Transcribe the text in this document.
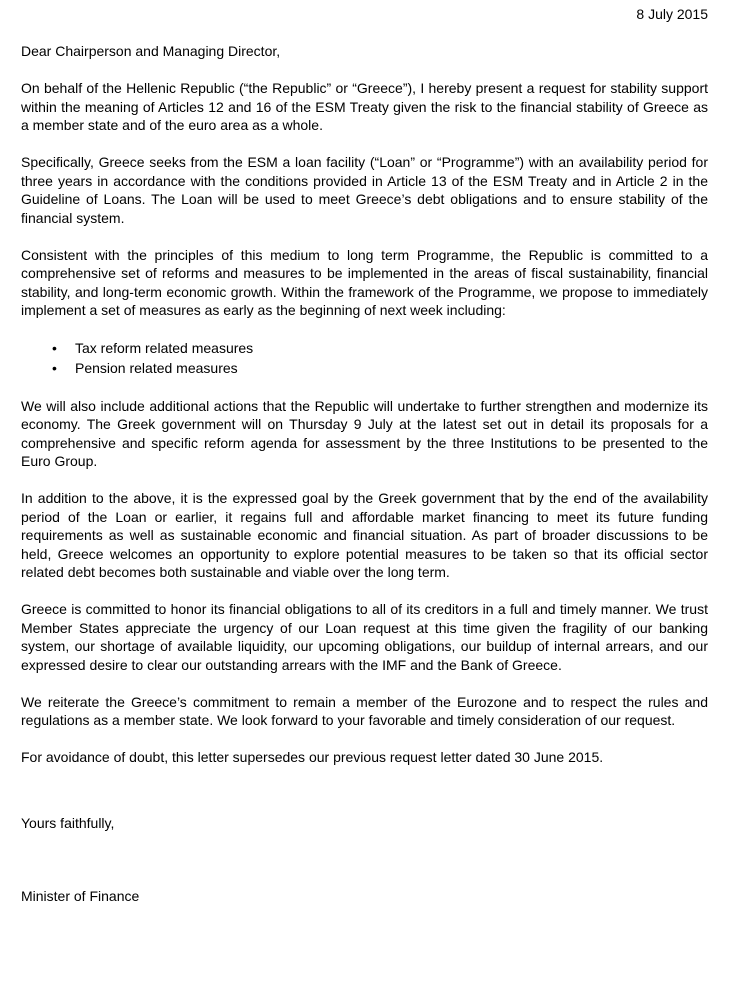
8 July 2015

Dear Chairperson and Managing Director,

On behalf of the Hellenic Republic (“the Republic” or “Greece”), I hereby present a request for stability support within the meaning of Articles 12 and 16 of the ESM Treaty given the risk to the financial stability of Greece as a member state and of the euro area as a whole.

Specifically, Greece seeks from the ESM a loan facility (“Loan” or “Programme”) with an availability period for three years in accordance with the conditions provided in Article 13 of the ESM Treaty and in Article 2 in the Guideline of Loans. The Loan will be used to meet Greece’s debt obligations and to ensure stability of the financial system.

Consistent with the principles of this medium to long term Programme, the Republic is committed to a comprehensive set of reforms and measures to be implemented in the areas of fiscal sustainability, financial stability, and long-term economic growth. Within the framework of the Programme, we propose to immediately implement a set of measures as early as the beginning of next week including:

• Tax reform related measures
• Pension related measures

We will also include additional actions that the Republic will undertake to further strengthen and modernize its economy. The Greek government will on Thursday 9 July at the latest set out in detail its proposals for a comprehensive and specific reform agenda for assessment by the three Institutions to be presented to the Euro Group.

In addition to the above, it is the expressed goal by the Greek government that by the end of the availability period of the Loan or earlier, it regains full and affordable market financing to meet its future funding requirements as well as sustainable economic and financial situation. As part of broader discussions to be held, Greece welcomes an opportunity to explore potential measures to be taken so that its official sector related debt becomes both sustainable and viable over the long term.

Greece is committed to honor its financial obligations to all of its creditors in a full and timely manner. We trust Member States appreciate the urgency of our Loan request at this time given the fragility of our banking system, our shortage of available liquidity, our upcoming obligations, our buildup of internal arrears, and our expressed desire to clear our outstanding arrears with the IMF and the Bank of Greece.

We reiterate the Greece’s commitment to remain a member of the Eurozone and to respect the rules and regulations as a member state. We look forward to your favorable and timely consideration of our request.

For avoidance of doubt, this letter supersedes our previous request letter dated 30 June 2015.

Yours faithfully,

Minister of Finance
